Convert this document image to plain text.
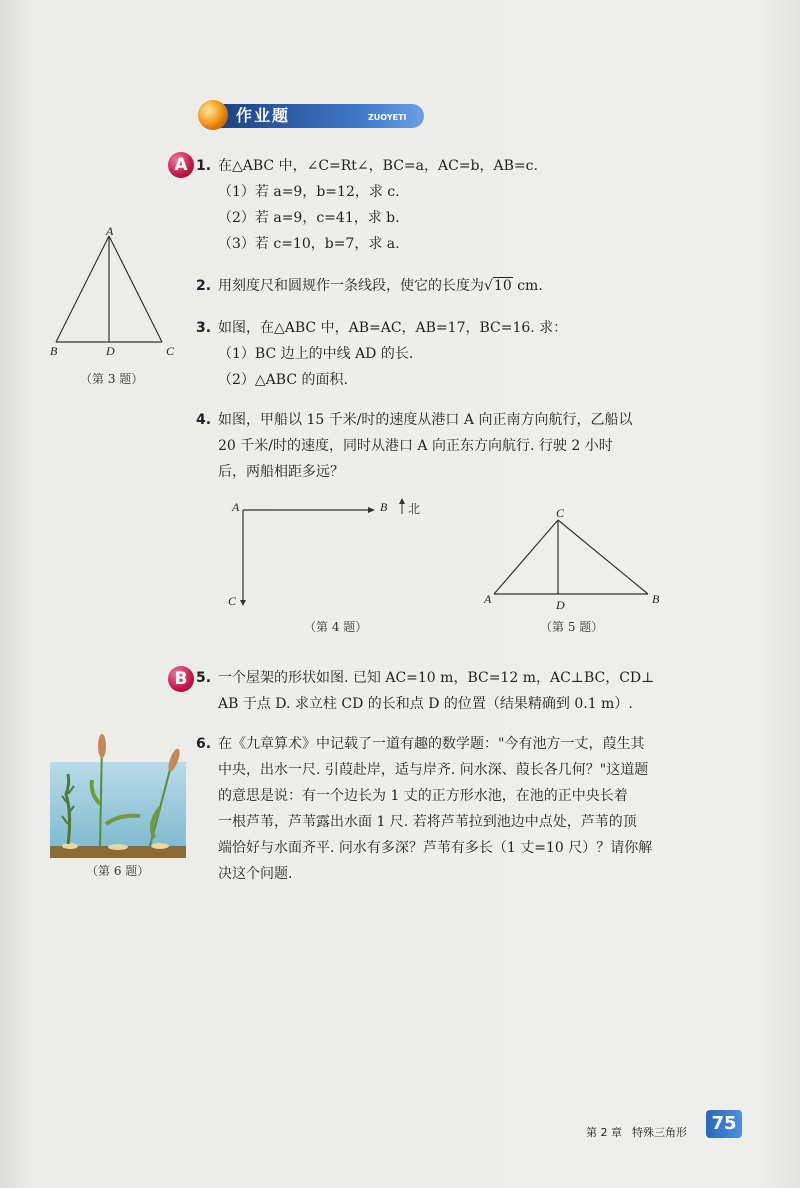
作业题	ZUOYETI
A 1. 在△ABC 中，∠C=Rt∠，BC=a，AC=b，AB=c.
（1）若 a=9，b=12，求 c.
（2）若 a=9，c=41，求 b.
（3）若 c=10，b=7，求 a.
A
B	D	C
（第 3 题）
2. 用刻度尺和圆规作一条线段，使它的长度为√10 cm.
3. 如图，在△ABC 中，AB=AC，AB=17，BC=16. 求：
（1）BC 边上的中线 AD 的长.
（2）△ABC 的面积.
4. 如图，甲船以 15 千米/时的速度从港口 A 向正南方向航行，乙船以
20 千米/时的速度，同时从港口 A 向正东方向航行. 行驶 2 小时
后，两船相距多远？
A	B 北
C
（第 4 题）
C
A	D	B
（第 5 题）
B 5. 一个屋架的形状如图. 已知 AC=10 m，BC=12 m，AC⊥BC，CD⊥
AB 于点 D. 求立柱 CD 的长和点 D 的位置（结果精确到 0.1 m）.
6. 在《九章算术》中记载了一道有趣的数学题："今有池方一丈，葭生其
中央，出水一尺. 引葭赴岸，适与岸齐. 问水深、葭长各几何？"这道题
的意思是说：有一个边长为 1 丈的正方形水池，在池的正中央长着
一根芦苇，芦苇露出水面 1 尺. 若将芦苇拉到池边中点处，芦苇的顶
端恰好与水面齐平. 问水有多深？芦苇有多长（1 丈=10 尺）？请你解
决这个问题.
（第 6 题）
第 2 章 特殊三角形	75
